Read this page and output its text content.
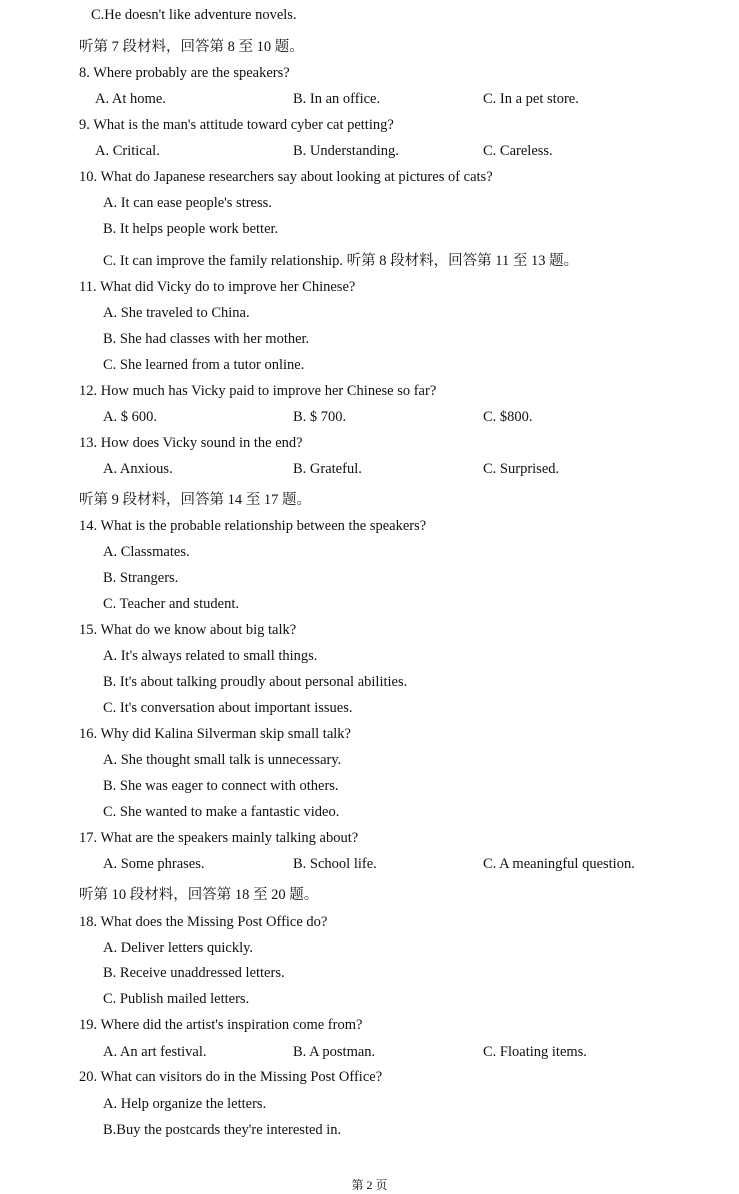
C.He doesn't like adventure novels.
听第 7 段材料，回答第 8 至 10 题。
8. Where probably are the speakers?
A. At home.	B. In an office.	C. In a pet store.
9. What is the man's attitude toward cyber cat petting?
A. Critical.	B. Understanding.	C. Careless.
10. What do Japanese researchers say about looking at pictures of cats?
A. It can ease people's stress.
B. It helps people work better.
C. It can improve the family relationship. 听第 8 段材料，回答第 11 至 13 题。
11. What did Vicky do to improve her Chinese?
A. She traveled to China.
B. She had classes with her mother.
C. She learned from a tutor online.
12. How much has Vicky paid to improve her Chinese so far?
A. $ 600.	B. $ 700.	C. $800.
13. How does Vicky sound in the end?
A. Anxious.	B. Grateful.	C. Surprised.
听第 9 段材料，回答第 14 至 17 题。
14. What is the probable relationship between the speakers?
A. Classmates.
B. Strangers.
C. Teacher and student.
15. What do we know about big talk?
A. It's always related to small things.
B. It's about talking proudly about personal abilities.
C. It's conversation about important issues.
16. Why did Kalina Silverman skip small talk?
A. She thought small talk is unnecessary.
B. She was eager to connect with others.
C. She wanted to make a fantastic video.
17. What are the speakers mainly talking about?
A. Some phrases.	B. School life.	C. A meaningful question.
听第 10 段材料，回答第 18 至 20 题。
18. What does the Missing Post Office do?
A. Deliver letters quickly.
B. Receive unaddressed letters.
C. Publish mailed letters.
19. Where did the artist's inspiration come from?
A. An art festival.	B. A postman.	C. Floating items.
20. What can visitors do in the Missing Post Office?
A. Help organize the letters.
B.Buy the postcards they're interested in.
第 2 页
